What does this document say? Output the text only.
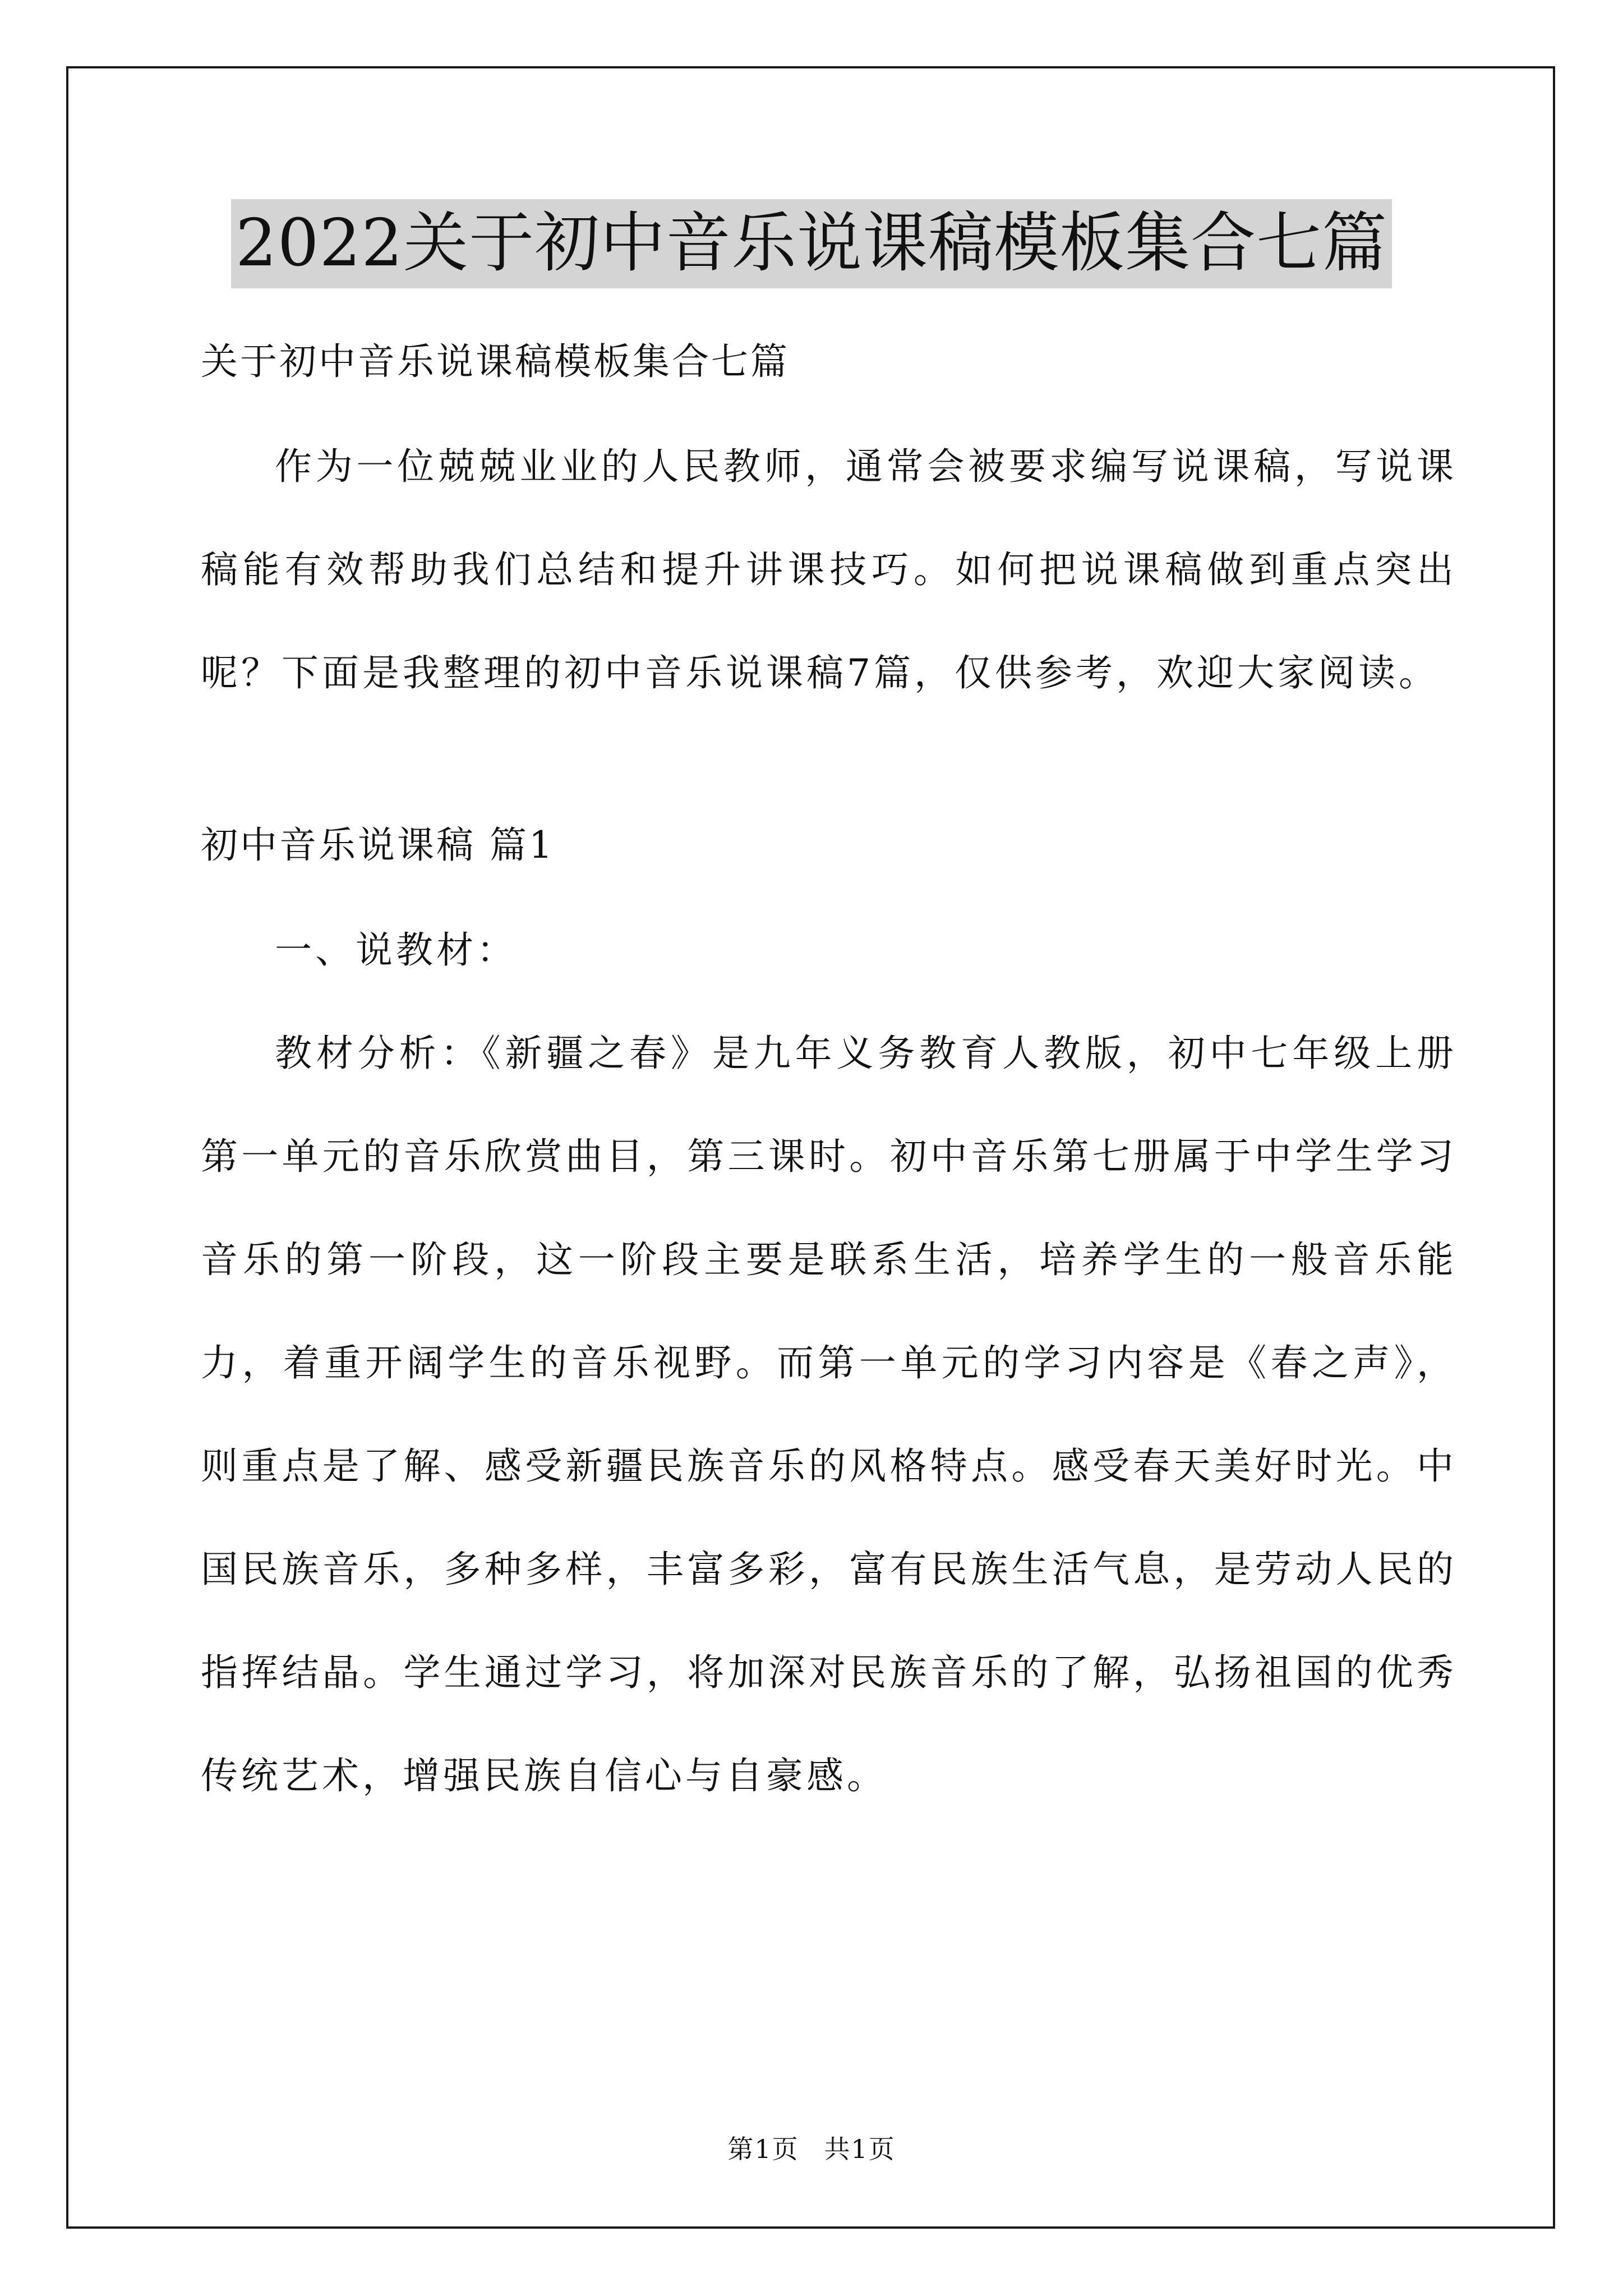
2022关于初中音乐说课稿模板集合七篇

关于初中音乐说课稿模板集合七篇

作为一位兢兢业业的人民教师，通常会被要求编写说课稿，写说课稿能有效帮助我们总结和提升讲课技巧。如何把说课稿做到重点突出呢？下面是我整理的初中音乐说课稿7篇，仅供参考，欢迎大家阅读。

初中音乐说课稿 篇1

一、说教材：

教材分析：《新疆之春》是九年义务教育人教版，初中七年级上册第一单元的音乐欣赏曲目，第三课时。初中音乐第七册属于中学生学习音乐的第一阶段，这一阶段主要是联系生活，培养学生的一般音乐能力，着重开阔学生的音乐视野。而第一单元的学习内容是《春之声》，则重点是了解、感受新疆民族音乐的风格特点。感受春天美好时光。中国民族音乐，多种多样，丰富多彩，富有民族生活气息，是劳动人民的指挥结晶。学生通过学习，将加深对民族音乐的了解，弘扬祖国的优秀传统艺术，增强民族自信心与自豪感。

第1页 共1页
